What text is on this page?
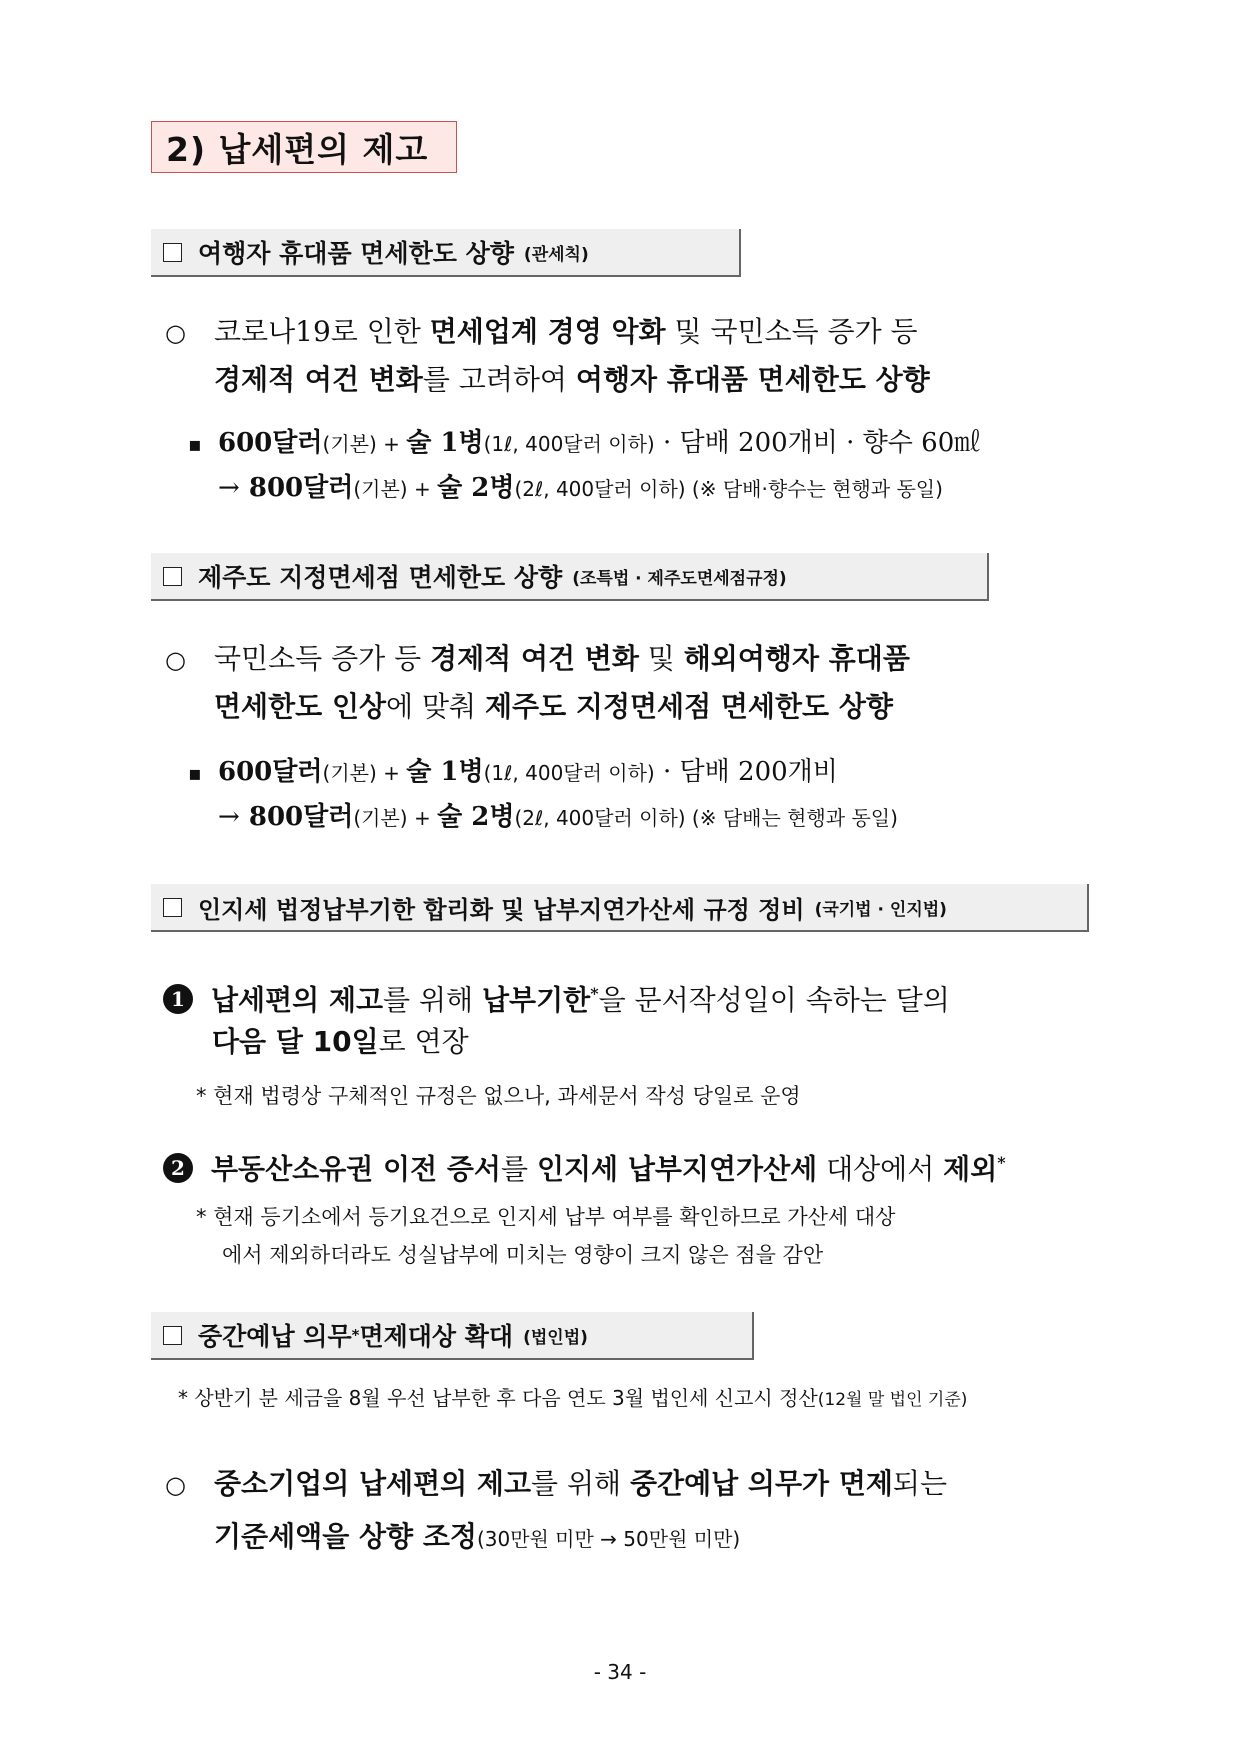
2) 납세편의 제고
여행자 휴대품 면세한도 상향 (관세칙)
○ 코로나19로 인한 면세업계 경영 악화 및 국민소득 증가 등
경제적 여건 변화를 고려하여 여행자 휴대품 면세한도 상향
▪ 600달러(기본) + 술 1병(1ℓ, 400달러 이하) · 담배 200개비 · 향수 60㎖
→ 800달러(기본) + 술 2병(2ℓ, 400달러 이하) (※ 담배·향수는 현행과 동일)
제주도 지정면세점 면세한도 상향 (조특법 · 제주도면세점규정)
○ 국민소득 증가 등 경제적 여건 변화 및 해외여행자 휴대품
면세한도 인상에 맞춰 제주도 지정면세점 면세한도 상향
▪ 600달러(기본) + 술 1병(1ℓ, 400달러 이하) · 담배 200개비
→ 800달러(기본) + 술 2병(2ℓ, 400달러 이하) (※ 담배는 현행과 동일)
인지세 법정납부기한 합리화 및 납부지연가산세 규정 정비 (국기법 · 인지법)
1 납세편의 제고를 위해 납부기한*을 문서작성일이 속하는 달의
다음 달 10일로 연장
* 현재 법령상 구체적인 규정은 없으나, 과세문서 작성 당일로 운영
2 부동산소유권 이전 증서를 인지세 납부지연가산세 대상에서 제외*
* 현재 등기소에서 등기요건으로 인지세 납부 여부를 확인하므로 가산세 대상
에서 제외하더라도 성실납부에 미치는 영향이 크지 않은 점을 감안
중간예납 의무 * 면제대상 확대 (법인법)
* 상반기 분 세금을 8월 우선 납부한 후 다음 연도 3월 법인세 신고시 정산(12월 말 법인 기준)
○ 중소기업의 납세편의 제고를 위해 중간예납 의무가 면제되는
기준세액을 상향 조정(30만원 미만 → 50만원 미만)
- 34 -
